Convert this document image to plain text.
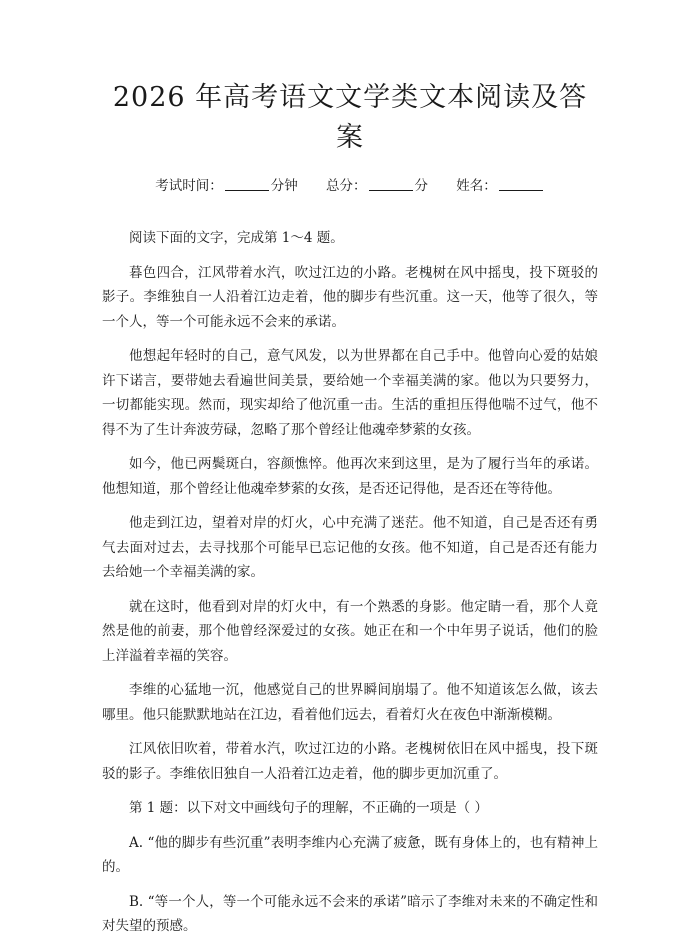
2026 年高考语文文学类文本阅读及答案
考试时间：	分钟 总分：	分 姓名：

阅读下面的文字，完成第 1～4 题。

暮色四合，江风带着水汽，吹过江边的小路。老槐树在风中摇曳，投下斑驳的影子。李维独自一人沿着江边走着，他的脚步有些沉重。这一天，他等了很久，等一个人，等一个可能永远不会来的承诺。

他想起年轻时的自己，意气风发，以为世界都在自己手中。他曾向心爱的姑娘许下诺言，要带她去看遍世间美景，要给她一个幸福美满的家。他以为只要努力，一切都能实现。然而，现实却给了他沉重一击。生活的重担压得他喘不过气，他不得不为了生计奔波劳碌，忽略了那个曾经让他魂牵梦萦的女孩。

如今，他已两鬓斑白，容颜憔悴。他再次来到这里，是为了履行当年的承诺。他想知道，那个曾经让他魂牵梦萦的女孩，是否还记得他，是否还在等待他。

他走到江边，望着对岸的灯火，心中充满了迷茫。他不知道，自己是否还有勇气去面对过去，去寻找那个可能早已忘记他的女孩。他不知道，自己是否还有能力去给她一个幸福美满的家。

就在这时，他看到对岸的灯火中，有一个熟悉的身影。他定睛一看，那个人竟然是他的前妻，那个他曾经深爱过的女孩。她正在和一个中年男子说话，他们的脸上洋溢着幸福的笑容。

李维的心猛地一沉，他感觉自己的世界瞬间崩塌了。他不知道该怎么做，该去哪里。他只能默默地站在江边，看着他们远去，看着灯火在夜色中渐渐模糊。

江风依旧吹着，带着水汽，吹过江边的小路。老槐树依旧在风中摇曳，投下斑驳的影子。李维依旧独自一人沿着江边走着，他的脚步更加沉重了。

第 1 题：以下对文中画线句子的理解，不正确的一项是（ ）

A. “他的脚步有些沉重”表明李维内心充满了疲惫，既有身体上的，也有精神上的。

B. “等一个人，等一个可能永远不会来的承诺”暗示了李维对未来的不确定性和对失望的预感。
